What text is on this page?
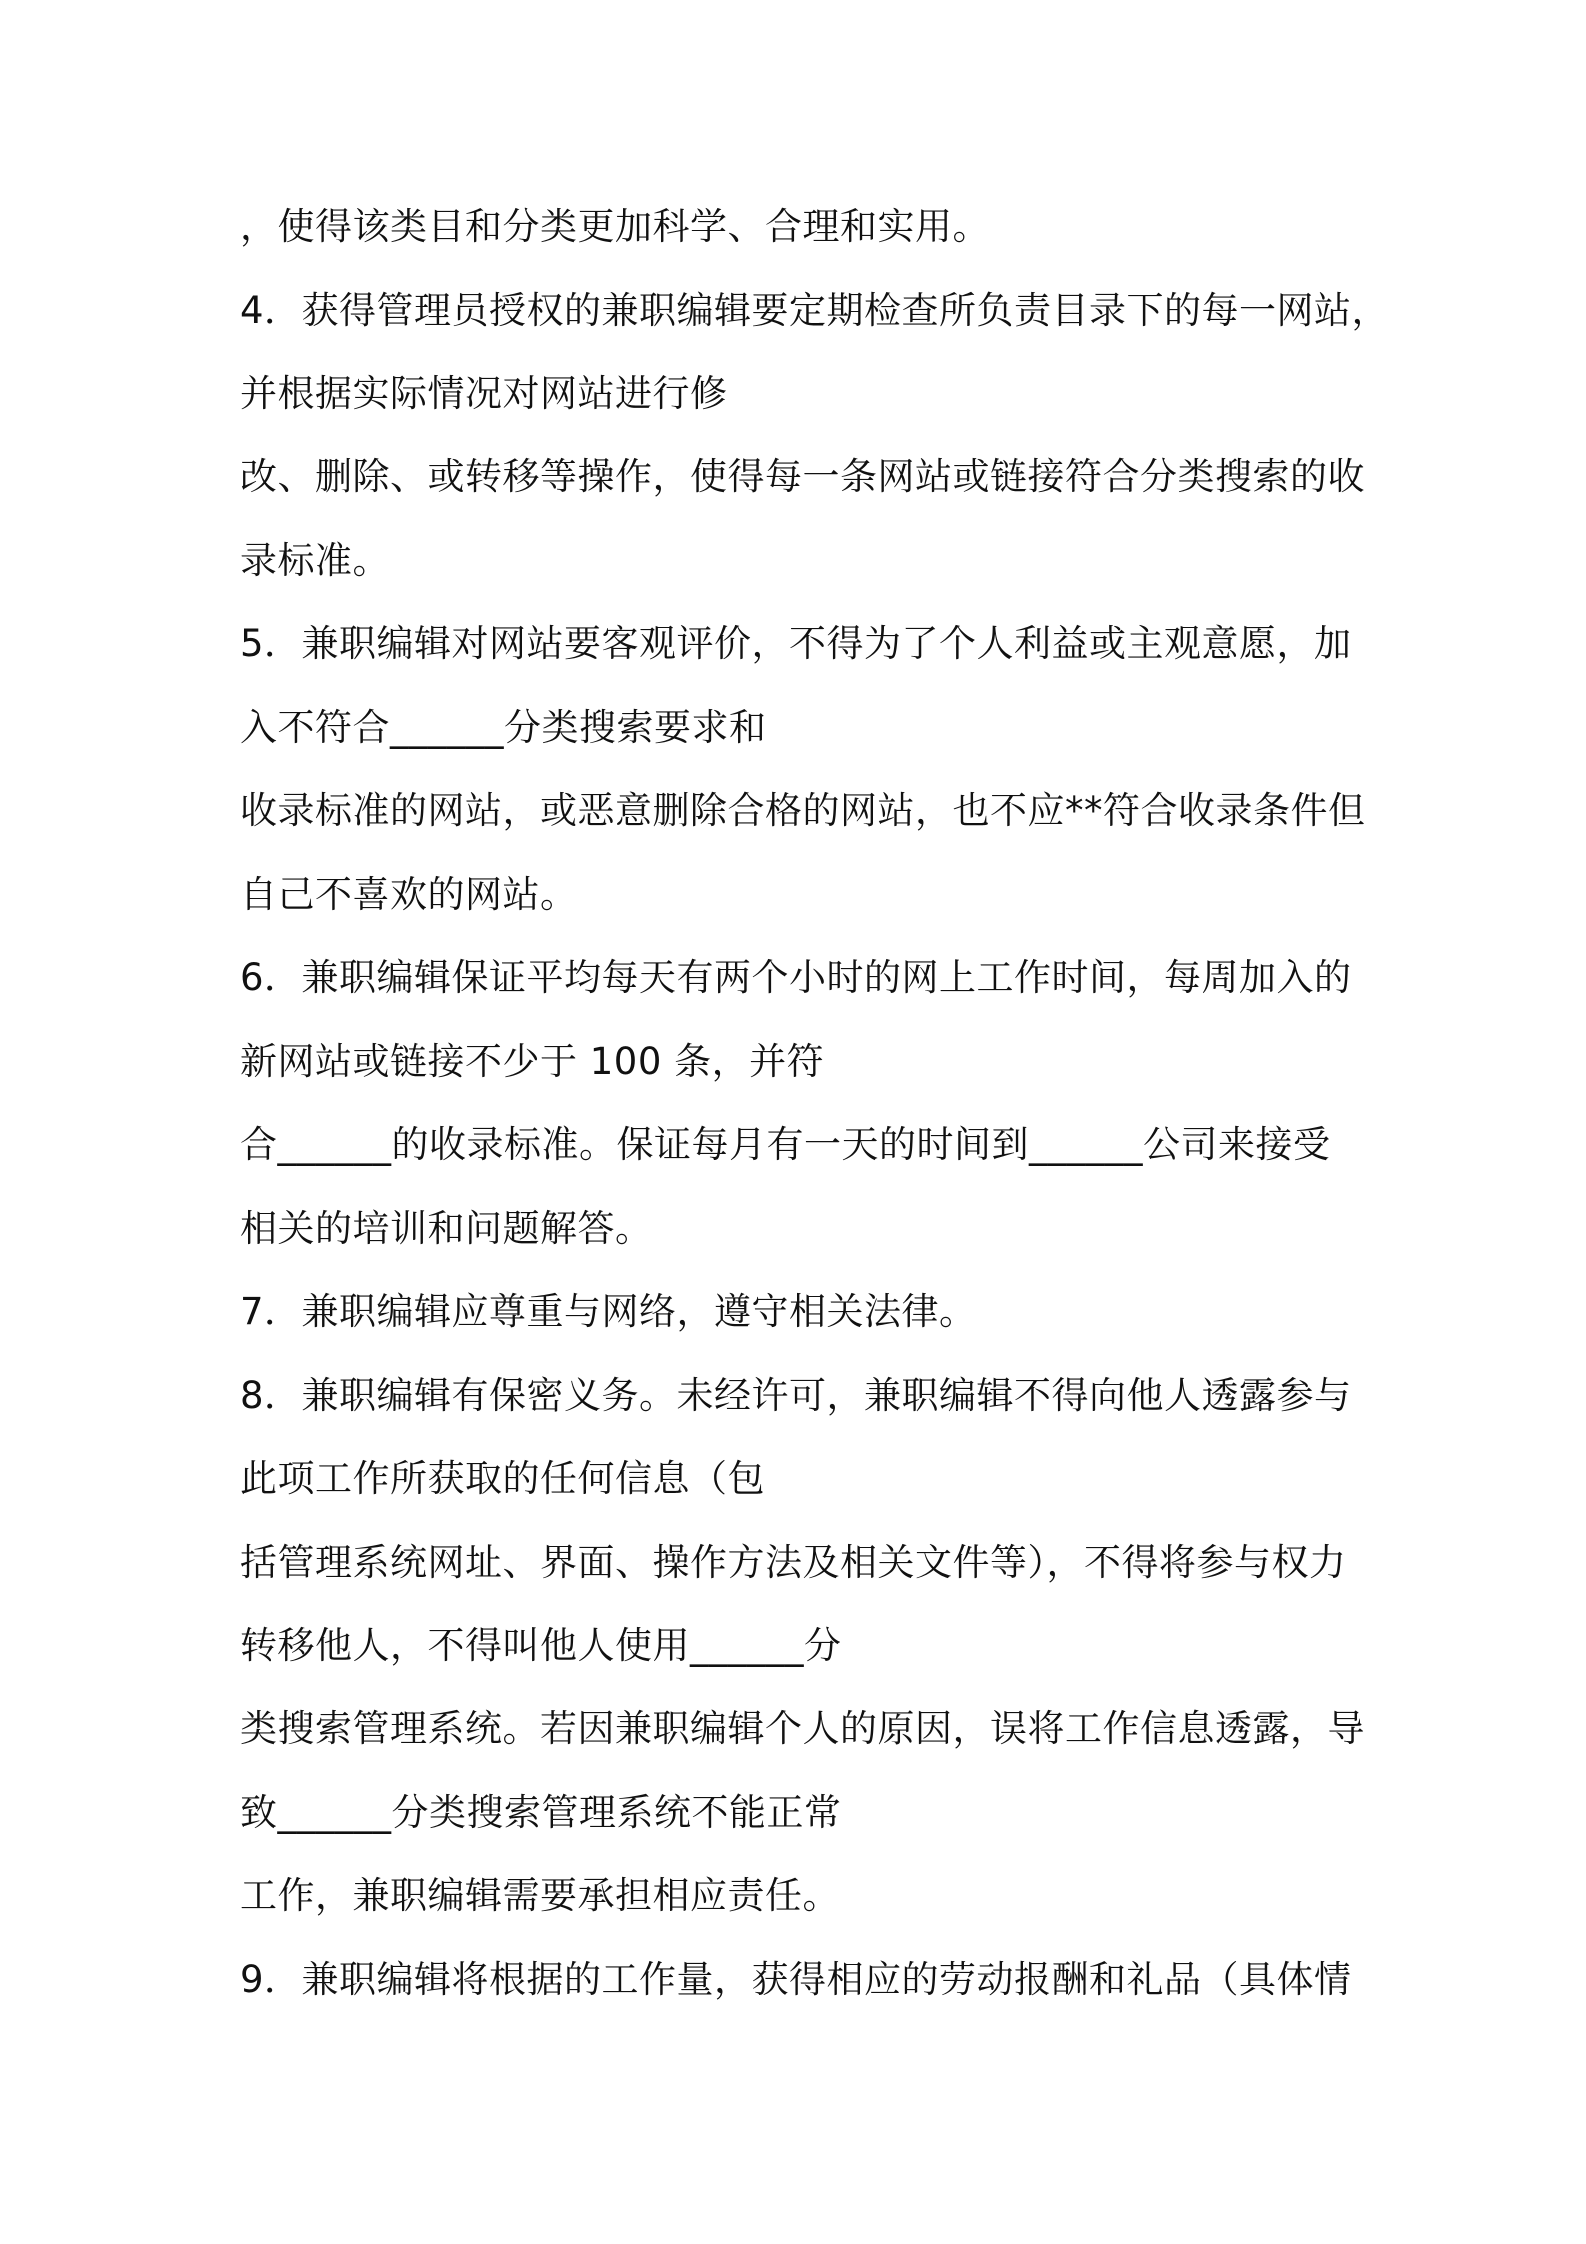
，使得该类目和分类更加科学、合理和实用。
4．获得管理员授权的兼职编辑要定期检查所负责目录下的每一网站，
并根据实际情况对网站进行修
改、删除、或转移等操作，使得每一条网站或链接符合分类搜索的收
录标准。
5．兼职编辑对网站要客观评价，不得为了个人利益或主观意愿，加
入不符合______分类搜索要求和
收录标准的网站，或恶意删除合格的网站，也不应**符合收录条件但
自己不喜欢的网站。
6．兼职编辑保证平均每天有两个小时的网上工作时间，每周加入的
新网站或链接不少于 100 条，并符
合______的收录标准。保证每月有一天的时间到______公司来接受
相关的培训和问题解答。
7．兼职编辑应尊重与网络，遵守相关法律。
8．兼职编辑有保密义务。未经许可，兼职编辑不得向他人透露参与
此项工作所获取的任何信息（包
括管理系统网址、界面、操作方法及相关文件等），不得将参与权力
转移他人，不得叫他人使用______分
类搜索管理系统。若因兼职编辑个人的原因，误将工作信息透露，导
致______分类搜索管理系统不能正常
工作，兼职编辑需要承担相应责任。
9．兼职编辑将根据的工作量，获得相应的劳动报酬和礼品（具体情
